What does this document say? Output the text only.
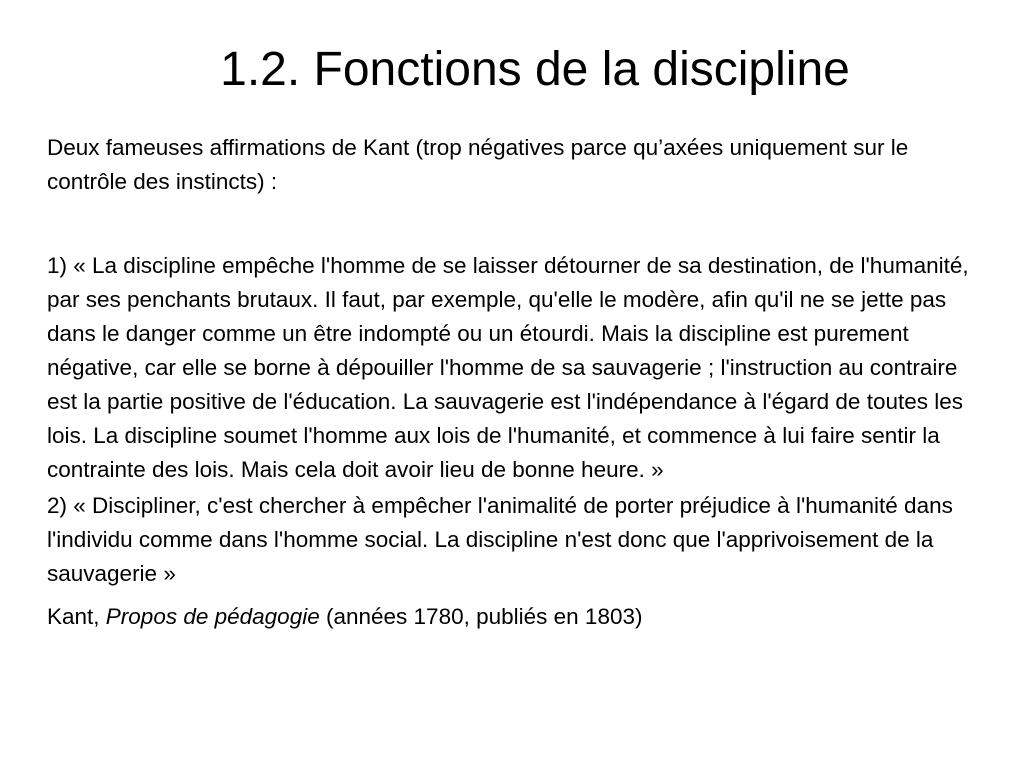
1.2. Fonctions de la discipline

Deux fameuses affirmations de Kant (trop négatives parce qu’axées uniquement sur le contrôle des instincts) :

1) « La discipline empêche l'homme de se laisser détourner de sa destination, de l'humanité, par ses penchants brutaux. Il faut, par exemple, qu'elle le modère, afin qu'il ne se jette pas dans le danger comme un être indompté ou un étourdi. Mais la discipline est purement négative, car elle se borne à dépouiller l'homme de sa sauvagerie ; l'instruction au contraire est la partie positive de l'éducation. La sauvagerie est l'indépendance à l'égard de toutes les lois. La discipline soumet l'homme aux lois de l'humanité, et commence à lui faire sentir la contrainte des lois. Mais cela doit avoir lieu de bonne heure. »

2) « Discipliner, c'est chercher à empêcher l'animalité de porter préjudice à l'humanité dans l'individu comme dans l'homme social. La discipline n'est donc que l'apprivoisement de la sauvagerie »

Kant, Propos de pédagogie (années 1780, publiés en 1803)
